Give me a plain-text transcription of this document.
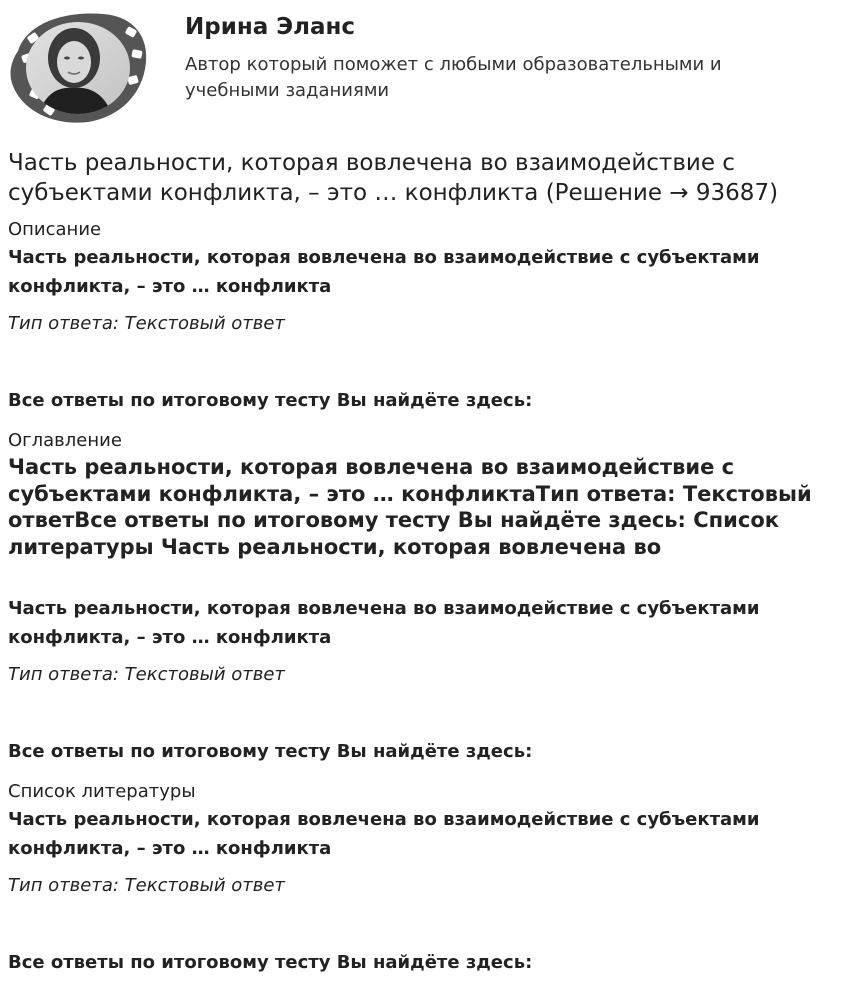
Ирина Эланс

Автор который поможет с любыми образовательными и учебными заданиями

Часть реальности, которая вовлечена во взаимодействие с субъектами конфликта, – это … конфликта (Решение → 93687)
Описание

Часть реальности, которая вовлечена во взаимодействие с субъектами конфликта, – это … конфликта

Тип ответа: Текстовый ответ
Все ответы по итоговому тесту Вы найдёте здесь:
Оглавление

Часть реальности, которая вовлечена во взаимодействие с субъектами конфликта, – это … конфликтаТип ответа: Текстовый ответВсе ответы по итоговому тесту Вы найдёте здесь: Список литературы Часть реальности, которая вовлечена во

Часть реальности, которая вовлечена во взаимодействие с субъектами конфликта, – это … конфликта

Тип ответа: Текстовый ответ
Все ответы по итоговому тесту Вы найдёте здесь:
Список литературы

Часть реальности, которая вовлечена во взаимодействие с субъектами конфликта, – это … конфликта

Тип ответа: Текстовый ответ
Все ответы по итоговому тесту Вы найдёте здесь:
